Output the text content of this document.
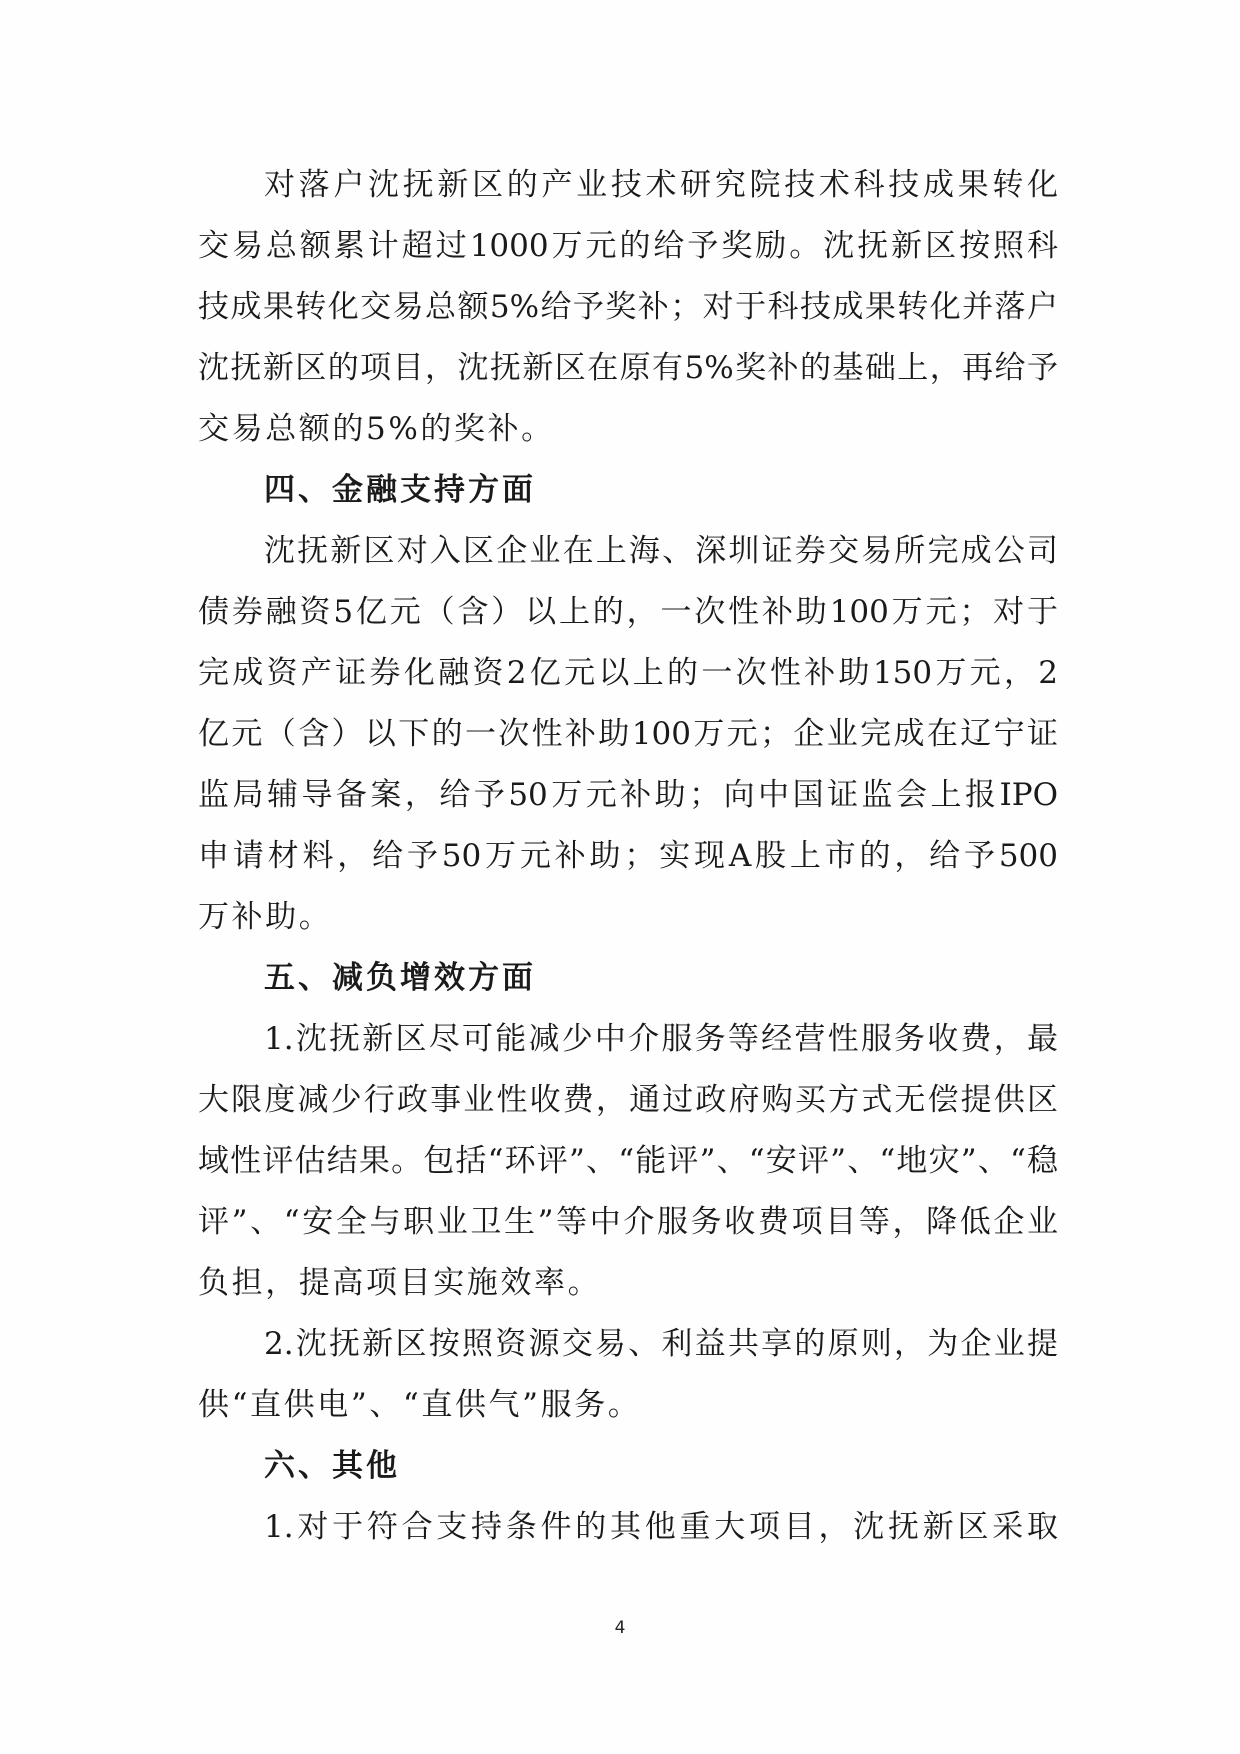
对落户沈抚新区的产业技术研究院技术科技成果转化
交易总额累计超过1000万元的给予奖励。沈抚新区按照科
技成果转化交易总额5%给予奖补；对于科技成果转化并落户
沈抚新区的项目，沈抚新区在原有5%奖补的基础上，再给予
交易总额的5%的奖补。
四、金融支持方面
沈抚新区对入区企业在上海、深圳证券交易所完成公司
债券融资5亿元（含）以上的，一次性补助100万元；对于
完成资产证券化融资2亿元以上的一次性补助150万元，2
亿元（含）以下的一次性补助100万元；企业完成在辽宁证
监局辅导备案，给予50万元补助；向中国证监会上报IPO
申请材料，给予50万元补助；实现A股上市的，给予500
万补助。
五、减负增效方面
1.沈抚新区尽可能减少中介服务等经营性服务收费，最
大限度减少行政事业性收费，通过政府购买方式无偿提供区
域性评估结果。包括“环评”、“能评”、“安评”、“地灾”、“稳
评”、“安全与职业卫生”等中介服务收费项目等，降低企业
负担，提高项目实施效率。
2.沈抚新区按照资源交易、利益共享的原则，为企业提
供“直供电”、“直供气”服务。
六、其他
1.对于符合支持条件的其他重大项目，沈抚新区采取
4
